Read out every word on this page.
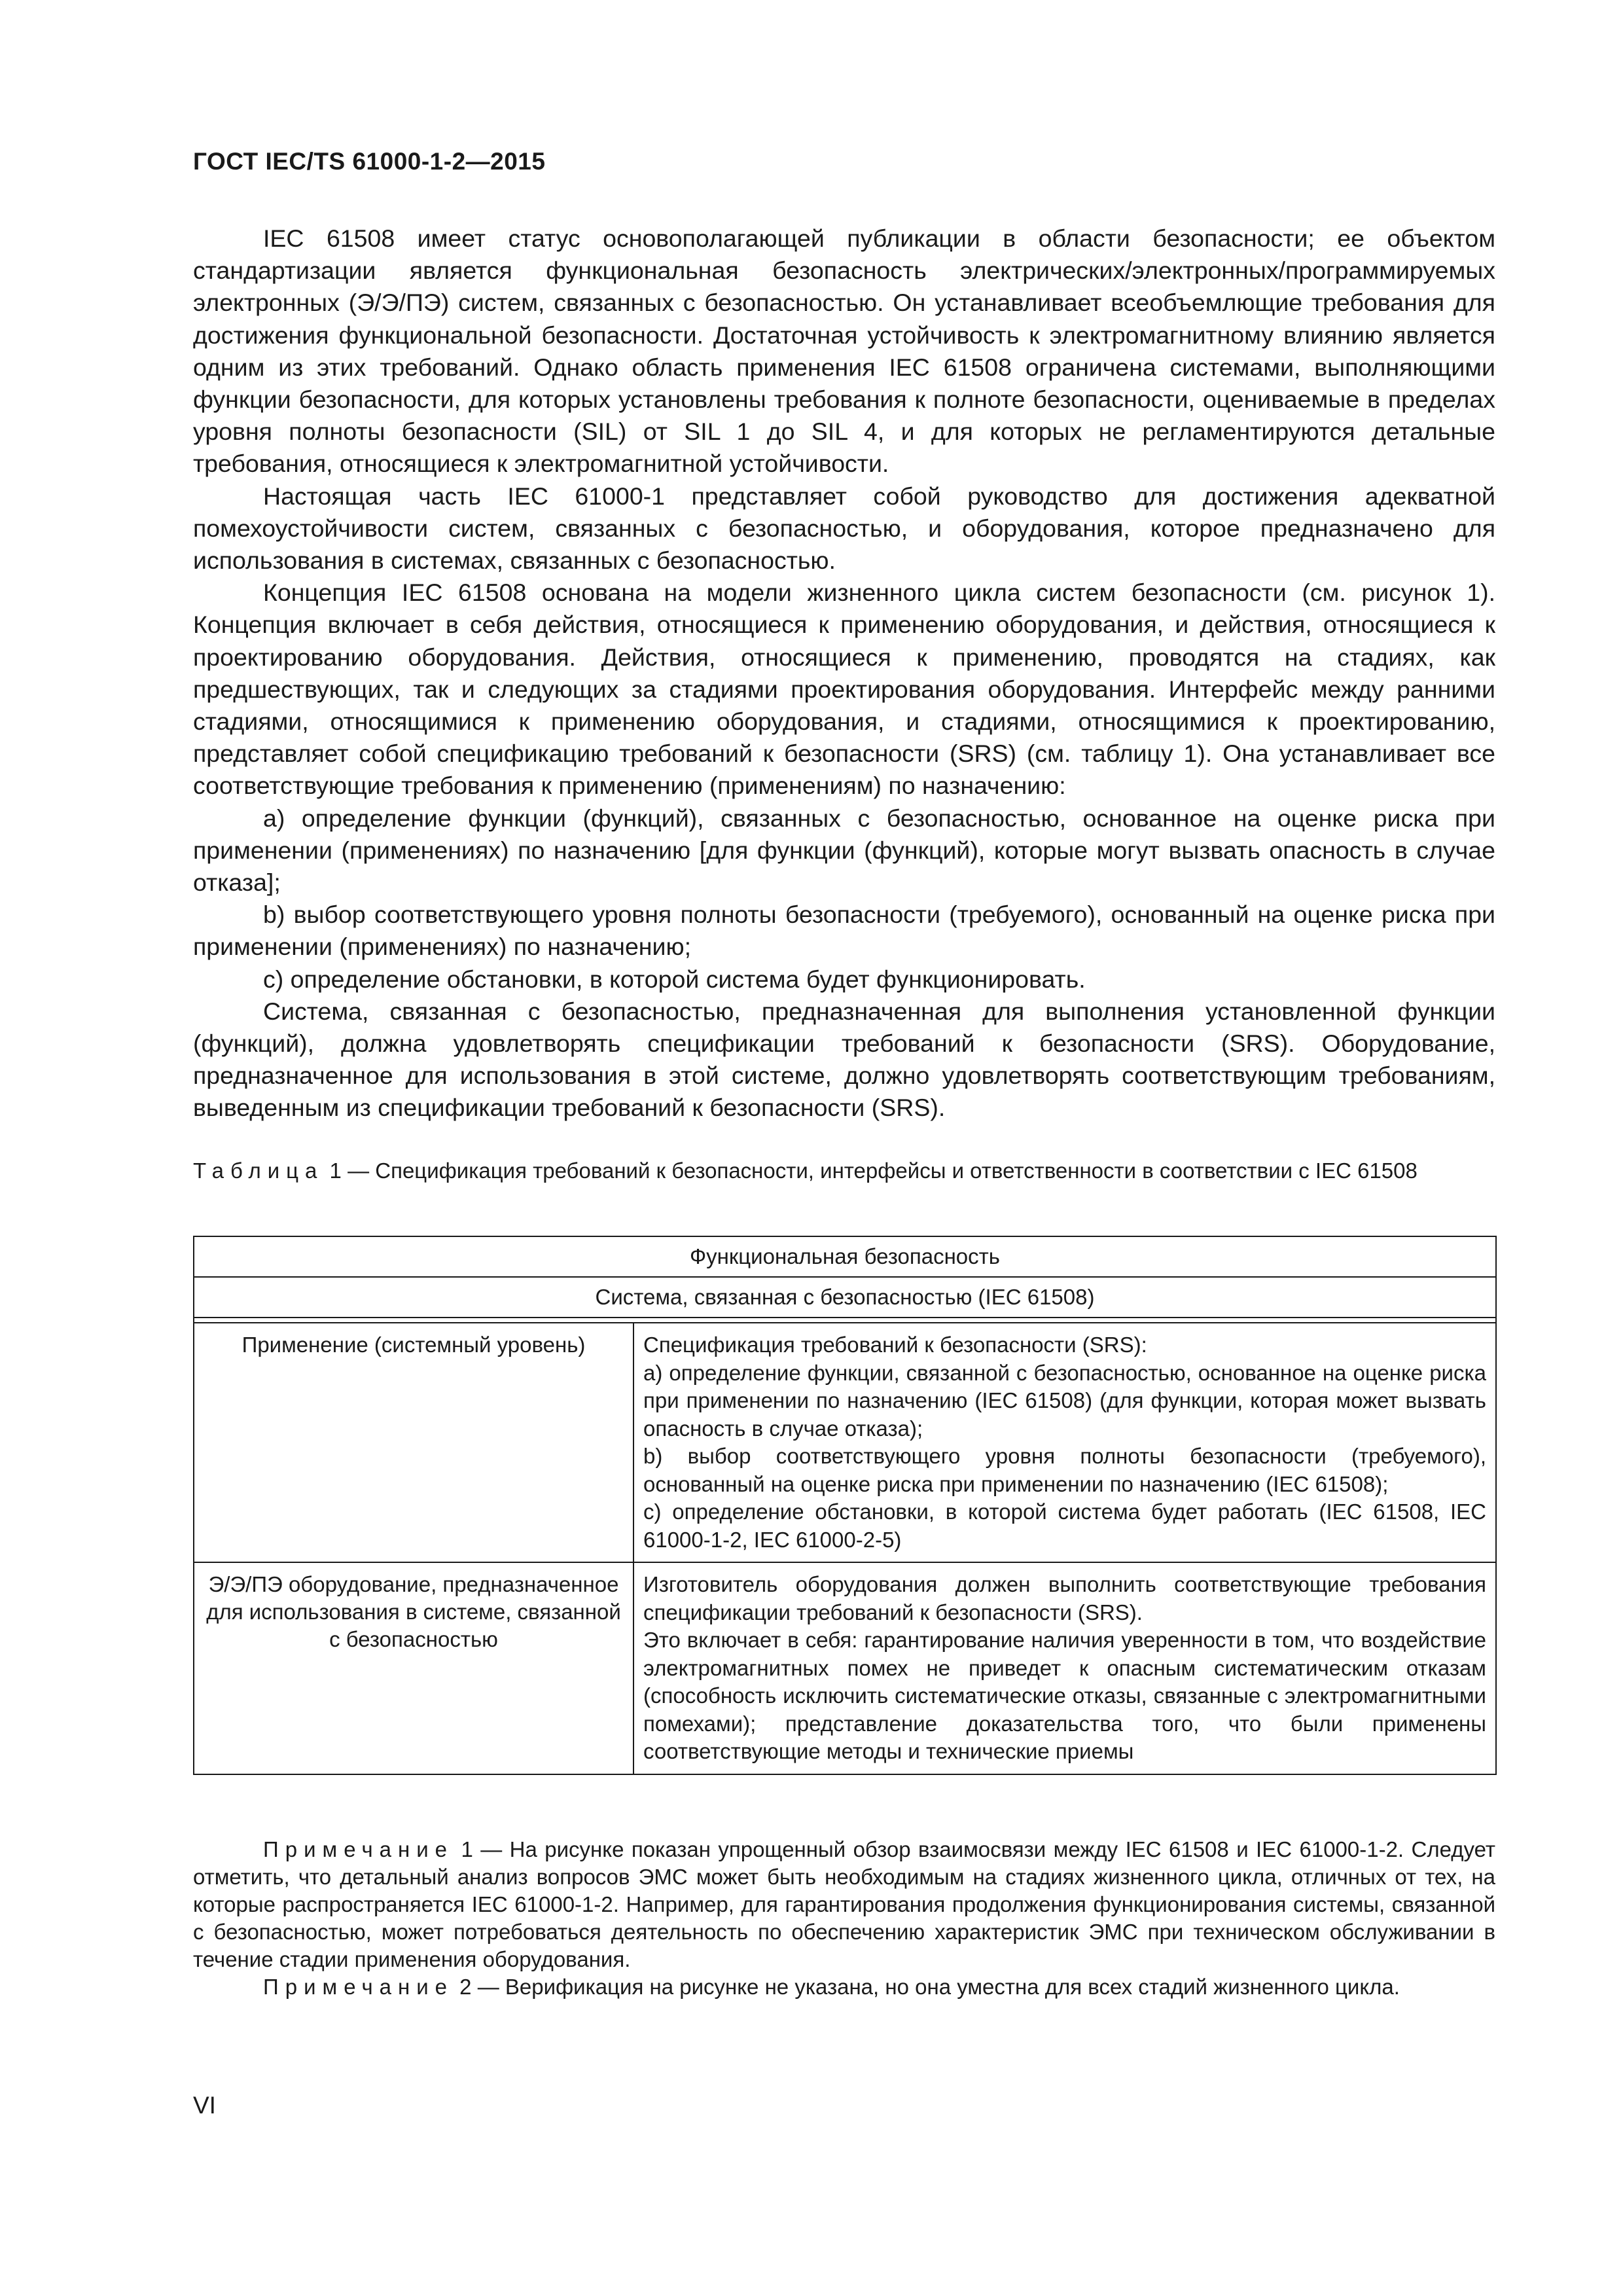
ГОСТ IEC/TS 61000-1-2—2015

IEC 61508 имеет статус основополагающей публикации в области безопасности; ее объектом стандартизации является функциональная безопасность электрических/электронных/программируемых электронных (Э/Э/ПЭ) систем, связанных с безопасностью. Он устанавливает всеобъемлющие требования для достижения функциональной безопасности. Достаточная устойчивость к электромагнитному влиянию является одним из этих требований. Однако область применения IEC 61508 ограничена системами, выполняющими функции безопасности, для которых установлены требования к полноте безопасности, оцениваемые в пределах уровня полноты безопасности (SIL) от SIL 1 до SIL 4, и для которых не регламентируются детальные требования, относящиеся к электромагнитной устойчивости.

Настоящая часть IEC 61000-1 представляет собой руководство для достижения адекватной помехоустойчивости систем, связанных с безопасностью, и оборудования, которое предназначено для использования в системах, связанных с безопасностью.

Концепция IEC 61508 основана на модели жизненного цикла систем безопасности (см. рисунок 1). Концепция включает в себя действия, относящиеся к применению оборудования, и действия, относящиеся к проектированию оборудования. Действия, относящиеся к применению, проводятся на стадиях, как предшествующих, так и следующих за стадиями проектирования оборудования. Интерфейс между ранними стадиями, относящимися к применению оборудования, и стадиями, относящимися к проектированию, представляет собой спецификацию требований к безопасности (SRS) (см. таблицу 1). Она устанавливает все соответствующие требования к применению (применениям) по назначению:

a) определение функции (функций), связанных с безопасностью, основанное на оценке риска при применении (применениях) по назначению [для функции (функций), которые могут вызвать опасность в случае отказа];

b) выбор соответствующего уровня полноты безопасности (требуемого), основанный на оценке риска при применении (применениях) по назначению;

c) определение обстановки, в которой система будет функционировать.

Система, связанная с безопасностью, предназначенная для выполнения установленной функции (функций), должна удовлетворять спецификации требований к безопасности (SRS). Оборудование, предназначенное для использования в этой системе, должно удовлетворять соответствующим требованиям, выведенным из спецификации требований к безопасности (SRS).

Таблица 1 — Спецификация требований к безопасности, интерфейсы и ответственности в соответствии с IEC 61508
Функциональная безопасность	
Система, связанная с безопасностью (IEC 61508)	

Применение (системный уровень)	Спецификация требований к безопасности (SRS):
a) определение функции, связанной с безопасностью, основанное на оценке риска при применении по назначению (IEC 61508) (для функции, которая может вызвать опасность в случае отказа);
b) выбор соответствующего уровня полноты безопасности (требуемого), основанный на оценке риска при применении по назначению (IEC 61508);
c) определение обстановки, в которой система будет работать (IEC 61508, IEC 61000-1-2, IEC 61000-2-5)

Э/Э/ПЭ оборудование, предназначенное для использования в системе, связанной с безопасностью	Изготовитель оборудования должен выполнить соответствующие требования спецификации требований к безопасности (SRS).
Это включает в себя: гарантирование наличия уверенности в том, что воздействие электромагнитных помех не приведет к опасным систематическим отказам (способность исключить систематические отказы, связанные с электромагнитными помехами); представление доказательства того, что были применены соответствующие методы и технические приемы

Примечание 1 — На рисунке показан упрощенный обзор взаимосвязи между IEC 61508 и IEC 61000-1-2. Следует отметить, что детальный анализ вопросов ЭМС может быть необходимым на стадиях жизненного цикла, отличных от тех, на которые распространяется IEC 61000-1-2. Например, для гарантирования продолжения функционирования системы, связанной с безопасностью, может потребоваться деятельность по обеспечению характеристик ЭМС при техническом обслуживании в течение стадии применения оборудования.

Примечание 2 — Верификация на рисунке не указана, но она уместна для всех стадий жизненного цикла.

VI
